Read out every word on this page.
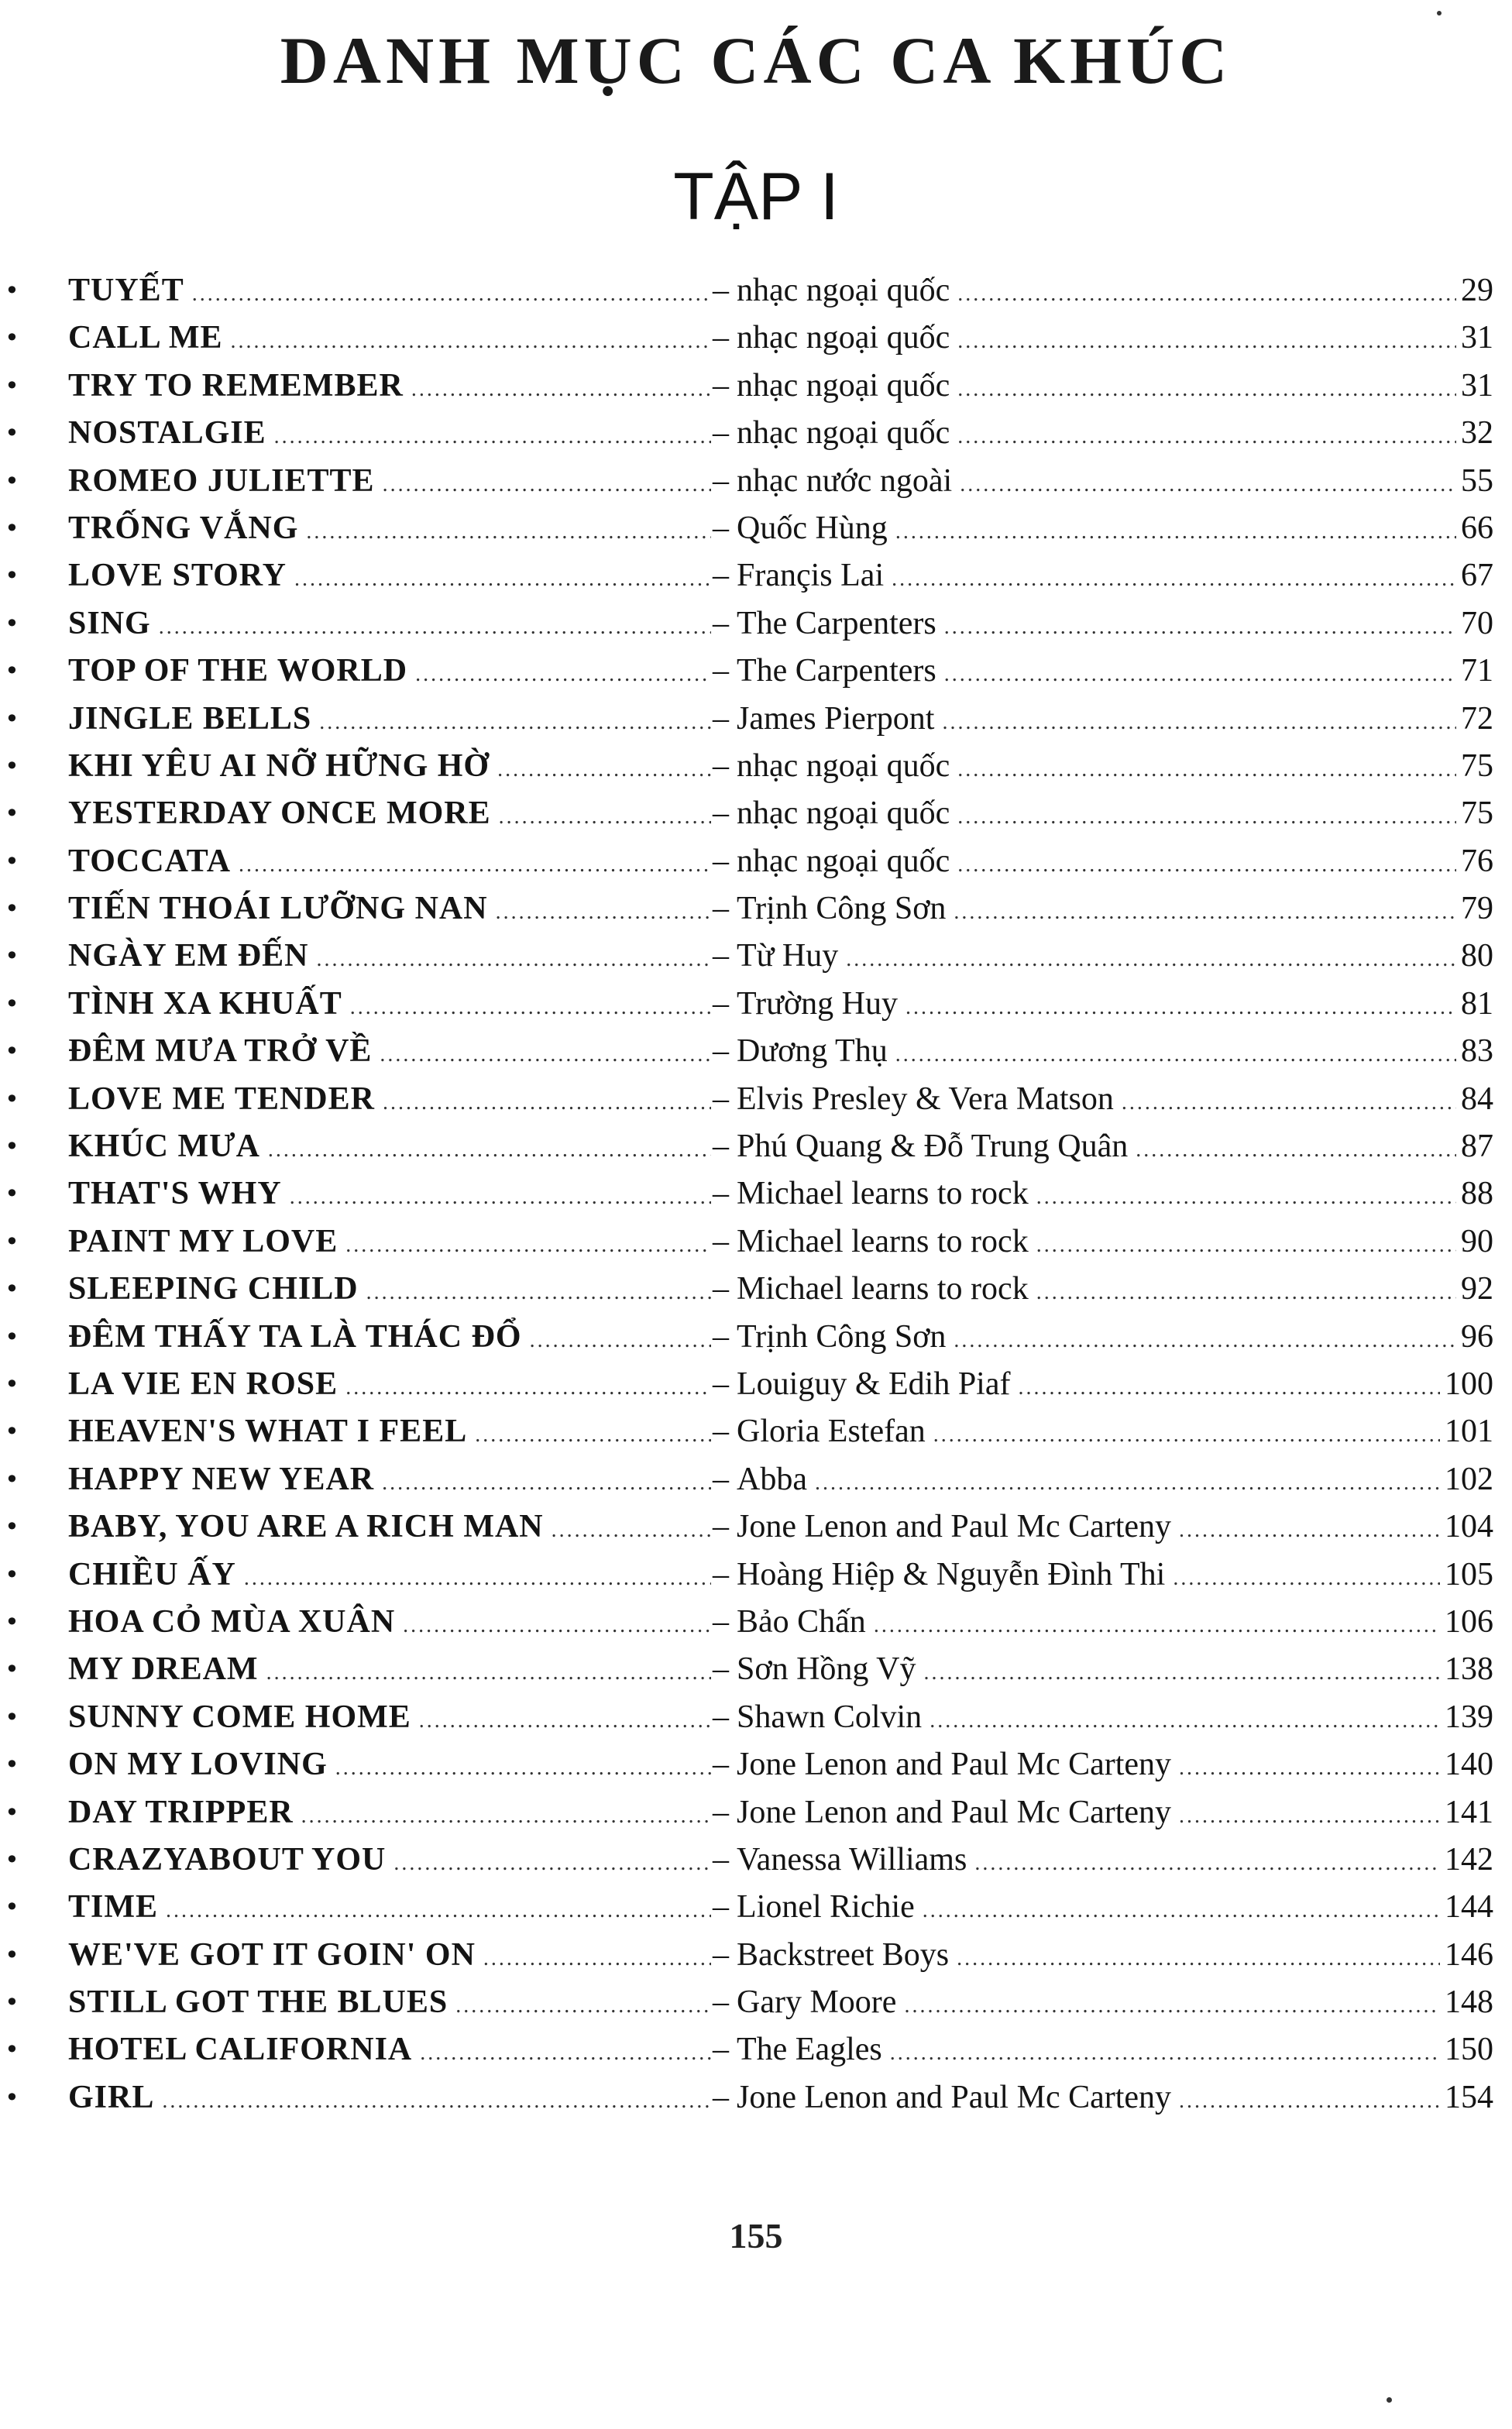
DANH MỤC CÁC CA KHÚC
TẬP I
• TUYẾT .....	– nhạc ngoại quốc .....	29
• CALL ME .....	– nhạc ngoại quốc .....	31
• TRY TO REMEMBER .....	– nhạc ngoại quốc .....	31
• NOSTALGIE .....	– nhạc ngoại quốc .....	32
• ROMEO JULIETTE .....	– nhạc nước ngoài .....	55
• TRỐNG VẮNG .....	– Quốc Hùng .....	66
• LOVE STORY .....	– Françis Lai .....	67
• SING .....	– The Carpenters .....	70
• TOP OF THE WORLD .....	– The Carpenters .....	71
• JINGLE BELLS .....	– James Pierpont .....	72
• KHI YÊU AI NỠ HỮNG HỜ .....	– nhạc ngoại quốc .....	75
• YESTERDAY ONCE MORE .....	– nhạc ngoại quốc .....	75
• TOCCATA .....	– nhạc ngoại quốc .....	76
• TIẾN THOÁI LƯỠNG NAN .....	– Trịnh Công Sơn .....	79
• NGÀY EM ĐẾN .....	– Từ Huy .....	80
• TÌNH XA KHUẤT .....	– Trường Huy .....	81
• ĐÊM MƯA TRỞ VỀ .....	– Dương Thụ .....	83
• LOVE ME TENDER .....	– Elvis Presley & Vera Matson .....	84
• KHÚC MƯA .....	– Phú Quang & Đỗ Trung Quân .....	87
• THAT'S WHY .....	– Michael learns to rock .....	88
• PAINT MY LOVE .....	– Michael learns to rock .....	90
• SLEEPING CHILD .....	– Michael learns to rock .....	92
• ĐÊM THẤY TA LÀ THÁC ĐỔ .....	– Trịnh Công Sơn .....	96
• LA VIE EN ROSE .....	– Louiguy & Edih Piaf .....	100
• HEAVEN'S WHAT I FEEL .....	– Gloria Estefan .....	101
• HAPPY NEW YEAR .....	– Abba .....	102
• BABY, YOU ARE A RICH MAN .....	– Jone Lenon and Paul Mc Carteny .....	104
• CHIỀU ẤY .....	– Hoàng Hiệp & Nguyễn Đình Thi .....	105
• HOA CỎ MÙA XUÂN .....	– Bảo Chấn .....	106
• MY DREAM .....	– Sơn Hồng Vỹ .....	138
• SUNNY COME HOME .....	– Shawn Colvin .....	139
• ON MY LOVING .....	– Jone Lenon and Paul Mc Carteny .....	140
• DAY TRIPPER .....	– Jone Lenon and Paul Mc Carteny .....	141
• CRAZYABOUT YOU .....	– Vanessa Williams .....	142
• TIME .....	– Lionel Richie .....	144
• WE'VE GOT IT GOIN' ON .....	– Backstreet Boys .....	146
• STILL GOT THE BLUES .....	– Gary Moore .....	148
• HOTEL CALIFORNIA .....	– The Eagles .....	150
• GIRL .....	– Jone Lenon and Paul Mc Carteny .....	154
155
